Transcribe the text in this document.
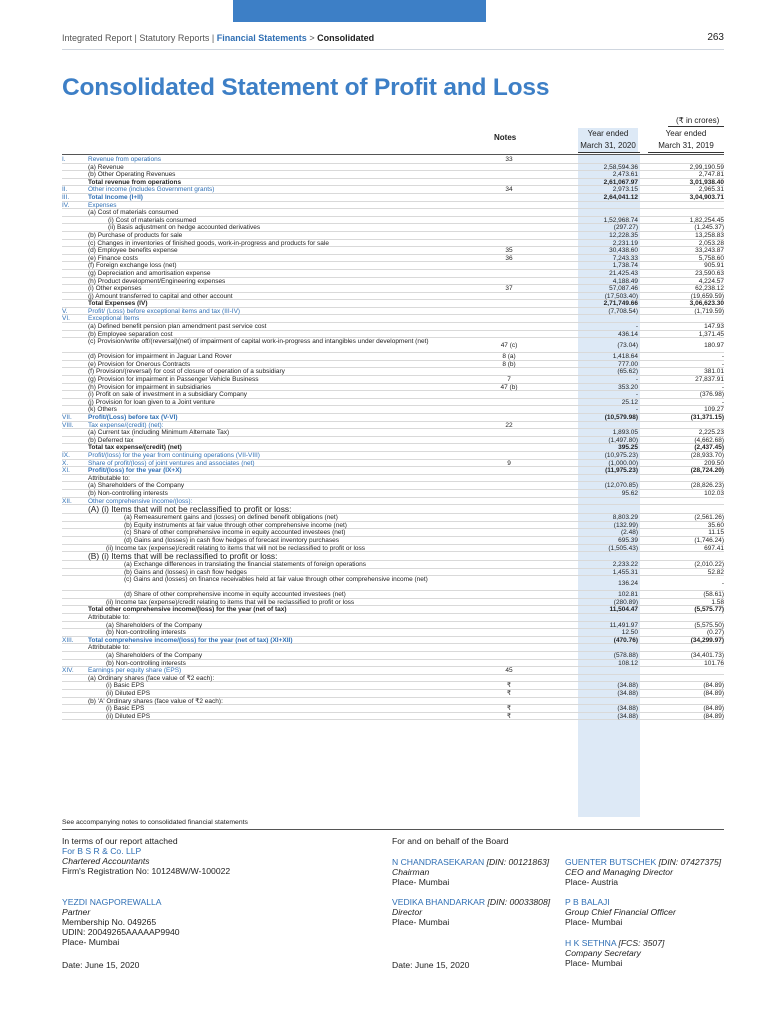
Integrated Report | Statutory Reports | Financial Statements > Consolidated	263
Consolidated Statement of Profit and Loss
(₹ in crores)
Notes	Year ended
March 31, 2020
Year ended
March 31, 2019
I.	Revenue from operations	33
(a) Revenue	2,58,594.36	2,99,190.59
(b) Other Operating Revenues	2,473.61	2,747.81
Total revenue from operations	2,61,067.97	3,01,938.40
II.	Other income (includes Government grants)	34	2,973.15	2,965.31
III.	Total Income (I+II)	2,64,041.12	3,04,903.71
IV.	Expenses
(a) Cost of materials consumed
(i) Cost of materials consumed	1,52,968.74	1,82,254.45
(ii) Basis adjustment on hedge accounted derivatives	(297.27)	(1,245.37)
(b) Purchase of products for sale	12,228.35	13,258.83
(c) Changes in inventories of finished goods, work-in-progress and products for sale	2,231.19	2,053.28
(d) Employee benefits expense	35	30,438.60	33,243.87
(e) Finance costs	36	7,243.33	5,758.60
(f) Foreign exchange loss (net)	1,738.74	905.91
(g) Depreciation and amortisation expense	21,425.43	23,590.63
(h) Product development/Engineering expenses	4,188.49	4,224.57
(i) Other expenses	37	57,087.46	62,238.12
(j) Amount transferred to capital and other account	(17,503.40)	(19,659.59)
Total Expenses (IV)	2,71,749.66	3,06,623.30
V.	Profit/ (Loss) before exceptional items and tax (III-IV)	(7,708.54)	(1,719.59)
VI.	Exceptional Items
(a) Defined benefit pension plan amendment past service cost	-	147.93
(b) Employee separation cost	436.14	1,371.45
(c) Provision/write off/(reversal)(net) of impairment of capital work-in-progress and intangibles under development (net)
47 (c)	(73.04)	180.97
(d) Provision for impairment in Jaguar Land Rover	8 (a)	1,418.64	-
(e) Provision for Onerous Contracts	8 (b)	777.00	-
(f) Provision/(reversal) for cost of closure of operation of a subsidiary	(65.62)	381.01
(g) Provision for impairment in Passenger Vehicle Business	7	-	27,837.91
(h) Provision for impairment in subsidiaries	47 (b)	353.20	-
(i) Profit on sale of investment in a subsidiary Company	-	(376.98)
(j) Provision for loan given to a Joint venture	25.12	-
(k) Others	-	109.27
VII.	Profit/(Loss) before tax (V-VI)	(10,579.98)	(31,371.15)
VIII.	Tax expense/(credit) (net):	22
(a) Current tax (including Minimum Alternate Tax)	1,893.05	2,225.23
(b) Deferred tax	(1,497.80)	(4,662.68)
Total tax expense/(credit) (net)	395.25	(2,437.45)
IX.	Profit/(loss) for the year from continuing operations (VII-VIII)	(10,975.23)	(28,933.70)
X.	Share of profit/(loss) of joint ventures and associates (net)	9	(1,000.00)	209.50
XI.	Profit/(loss) for the year (IX+X)	(11,975.23)	(28,724.20)
Attributable to:
(a) Shareholders of the Company	(12,070.85)	(28,826.23)
(b) Non-controlling interests	95.62	102.03
XII.	Other comprehensive income/(loss):
(A) (i) Items that will not be reclassified to profit or loss:
(a) Remeasurement gains and (losses) on defined benefit obligations (net)	8,803.29	(2,561.26)
(b) Equity instruments at fair value through other comprehensive income (net)	(132.99)	35.60
(c) Share of other comprehensive income in equity accounted investees (net)	(2.48)	11.15
(d) Gains and (losses) in cash flow hedges of forecast inventory purchases	695.39	(1,746.24)
(ii) Income tax (expense)/credit relating to items that will not be reclassified to profit or loss	(1,505.43)	697.41
(B) (i) Items that will be reclassified to profit or loss:
(a) Exchange differences in translating the financial statements of foreign operations	2,233.22	(2,010.22)
(b) Gains and (losses) in cash flow hedges	1,455.31	52.82
(c) Gains and (losses) on finance receivables held at fair value through other comprehensive income (net)
136.24	-
(d) Share of other comprehensive income in equity accounted investees (net)	102.81	(58.61)
(ii) Income tax (expense)/credit relating to items that will be reclassified to profit or loss	(280.89)	1.58
Total other comprehensive income/(loss) for the year (net of tax)	11,504.47	(5,575.77)
Attributable to:
(a) Shareholders of the Company	11,491.97	(5,575.50)
(b) Non-controlling interests	12.50	(0.27)
XIII.	Total comprehensive income/(loss) for the year (net of tax) (XI+XII)	(470.76)	(34,299.97)
Attributable to:
(a) Shareholders of the Company	(578.88)	(34,401.73)
(b) Non-controlling interests	108.12	101.76
XIV.	Earnings per equity share (EPS)	45
(a) Ordinary shares (face value of ₹2 each):
(i) Basic EPS	₹	(34.88)	(84.89)
(ii) Diluted EPS	₹	(34.88)	(84.89)
(b) 'A' Ordinary shares (face value of ₹2 each):
(i) Basic EPS	₹	(34.88)	(84.89)
(ii) Diluted EPS	₹	(34.88)	(84.89)
See accompanying notes to consolidated financial statements
In terms of our report attached
For B S R & Co. LLP
Chartered Accountants
Firm's Registration No: 101248W/W-100022
YEZDI NAGPOREWALLA
Partner
Membership No. 049265
UDIN: 20049265AAAAAP9940
Place- Mumbai
Date: June 15, 2020
For and on behalf of the Board
N CHANDRASEKARAN [DIN: 00121863]
Chairman
Place- Mumbai
VEDIKA BHANDARKAR [DIN: 00033808]
Director
Place- Mumbai
Date: June 15, 2020
GUENTER BUTSCHEK [DIN: 07427375]
CEO and Managing Director
Place- Austria
P B BALAJI
Group Chief Financial Officer
Place- Mumbai
H K SETHNA [FCS: 3507]
Company Secretary
Place- Mumbai
